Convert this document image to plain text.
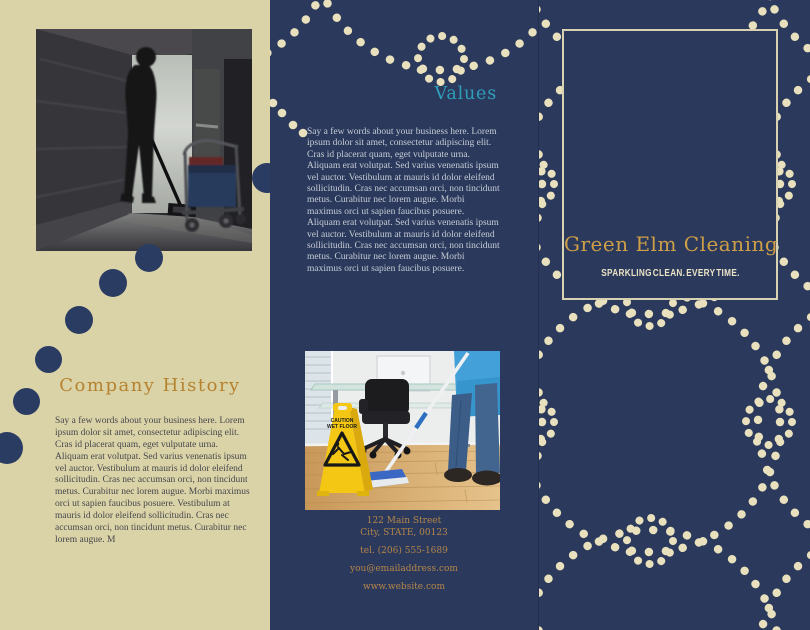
Company History
Say a few words about your business here. Lorem ipsum dolor sit amet, consectetur adipiscing elit. Cras id placerat quam, eget vulputate urna. Aliquam erat volutpat. Sed varius venenatis ipsum vel auctor. Vestibulum at mauris id dolor eleifend sollicitudin. Cras nec accumsan orci, non tincidunt metus. Curabitur nec lorem augue. Morbi maximus orci ut sapien faucibus posuere. Vestibulum at mauris id dolor eleifend sollicitudin. Cras nec accumsan orci, non tincidunt metus. Curabitur nec lorem augue. M
Values

Say a few words about your business here. Lorem ipsum dolor sit amet, consectetur adipiscing elit. Cras id placerat quam, eget vulputate urna. Aliquam erat volutpat. Sed varius venenatis ipsum vel auctor. Vestibulum at mauris id dolor eleifend sollicitudin. Cras nec accumsan orci, non tincidunt metus. Curabitur nec lorem augue. Morbi maximus orci ut sapien faucibus posuere.

Aliquam erat volutpat. Sed varius venenatis ipsum vel auctor. Vestibulum at mauris id dolor eleifend sollicitudin. Cras nec accumsan orci, non tincidunt metus. Curabitur nec lorem augue. Morbi maximus orci ut sapien faucibus posuere.

CAUTION
WET FLOOR
122 Main Street
City, STATE, 00123
tel. (206) 555-1689
you@emailaddress.com
www.website.com
Green Elm Cleaning
SPARKLING CLEAN. EVERY TIME.
